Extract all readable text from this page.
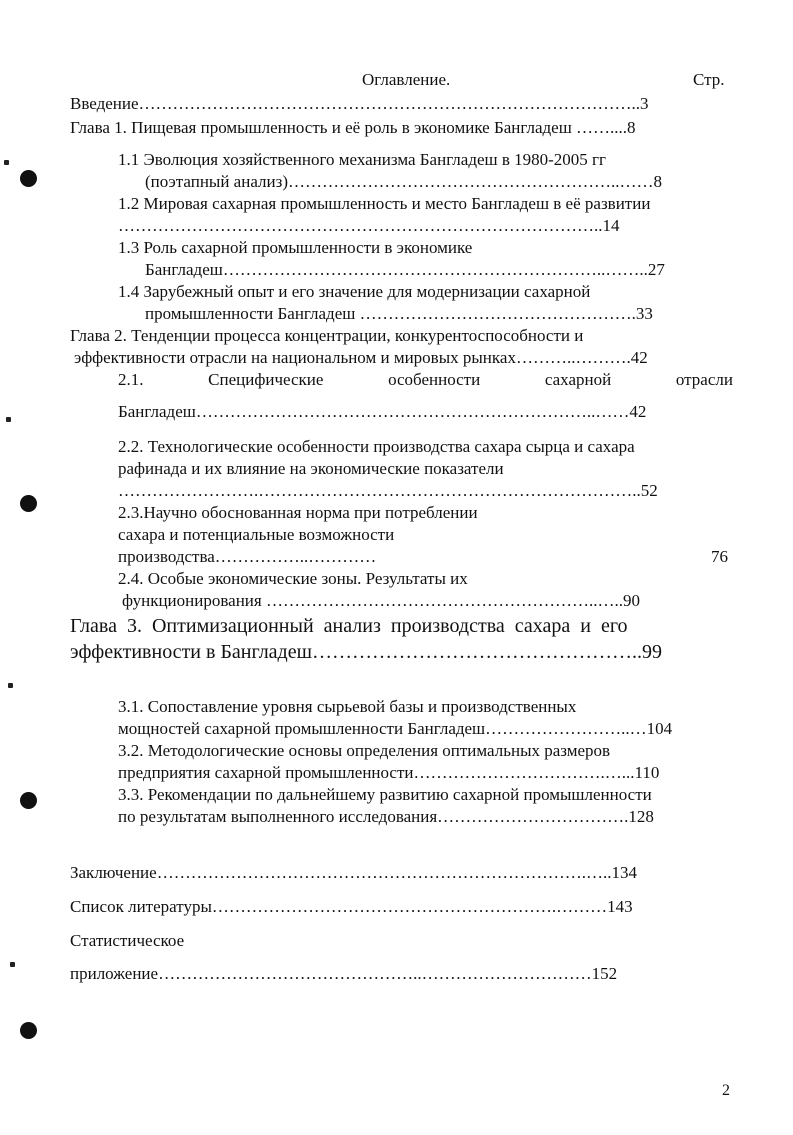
Оглавление.	Стр.
Введение……………………………………………………………………………..3
Глава 1. Пищевая промышленность и её роль в экономике Бангладеш ……....8
1.1 Эволюция хозяйственного механизма Бангладеш в 1980-2005 гг
(поэтапный анализ)…………………………………………………..……8
1.2 Мировая сахарная промышленность и место Бангладеш в её развитии
…………………………………………………………………………..14
1.3 Роль сахарной промышленности в экономике
Бангладеш…………………………………………………………..……..27
1.4 Зарубежный опыт и его значение для модернизации сахарной
промышленности Бангладеш ………………………………………….33
Глава 2. Тенденции процесса концентрации, конкурентоспособности и
эффективности отрасли на национальном и мировых рынках………..……….42
2.1.	Специфические	особенности	сахарной	отрасли
Бангладеш……………………………………………………………..……42
2.2. Технологические особенности производства сахара сырца и сахара
рафинада и их влияние на экономические показатели
…………………….…………………………………………………………..52
2.3.Научно обоснованная норма при потреблении
сахара и потенциальные возможности
производства……………..…………	76
2.4. Особые экономические зоны. Результаты их
функционирования …………………………………………………..…..90
Глава 3. Оптимизационный анализ производства сахара и его
эффективности в Бангладеш…………………………………………..99
3.1. Сопоставление уровня сырьевой базы и производственных
мощностей сахарной промышленности Бангладеш……………………..…104
3.2. Методологические основы определения оптимальных размеров
предприятия сахарной промышленности…………………………….…...110
3.3. Рекомендации по дальнейшему развитию сахарной промышленности
по результатам выполненного исследования…………………………….128
Заключение………………………………………………………………….…..134
Список литературы…………………………………………………….………143
Статистическое
приложение………………………………………..…………………………152
2
